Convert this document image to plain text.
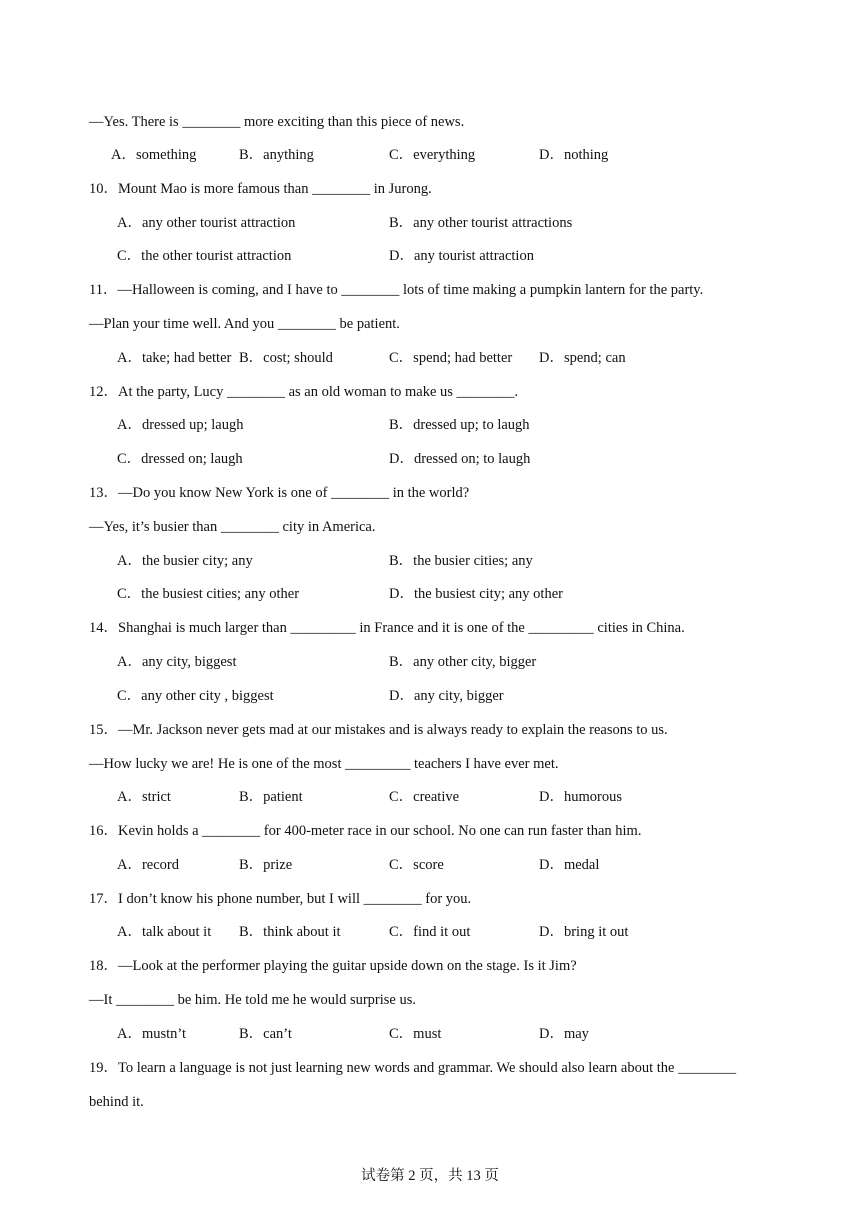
—Yes. There is ________ more exciting than this piece of news.
A．something	B．anything	C．everything	D．nothing
10．Mount Mao is more famous than ________ in Jurong.
A．any other tourist attraction	B．any other tourist attractions
C．the other tourist attraction	D．any tourist attraction
11．—Halloween is coming, and I have to ________ lots of time making a pumpkin lantern for the party.
—Plan your time well. And you ________ be patient.
A．take; had better B．cost; should	C．spend; had better D．spend; can
12．At the party, Lucy ________ as an old woman to make us ________.
A．dressed up; laugh	B．dressed up; to laugh
C．dressed on; laugh	D．dressed on; to laugh
13．—Do you know New York is one of ________ in the world?
—Yes, it’s busier than ________ city in America.
A．the busier city; any	B．the busier cities; any
C．the busiest cities; any other	D．the busiest city; any other
14．Shanghai is much larger than _________ in France and it is one of the _________ cities in China.
A．any city, biggest	B．any other city, bigger
C．any other city , biggest	D．any city, bigger
15．—Mr. Jackson never gets mad at our mistakes and is always ready to explain the reasons to us.
—How lucky we are! He is one of the most _________ teachers I have ever met.
A．strict	B．patient	C．creative	D．humorous
16．Kevin holds a ________ for 400-meter race in our school. No one can run faster than him.
A．record	B．prize	C．score	D．medal
17．I don’t know his phone number, but I will ________ for you.
A．talk about it B．think about it	C．find it out	D．bring it out
18．—Look at the performer playing the guitar upside down on the stage. Is it Jim?
—It ________ be him. He told me he would surprise us.
A．mustn’t	B．can’t	C．must	D．may
19．To learn a language is not just learning new words and grammar. We should also learn about the ________
behind it.
试卷第 2 页，共 13 页
